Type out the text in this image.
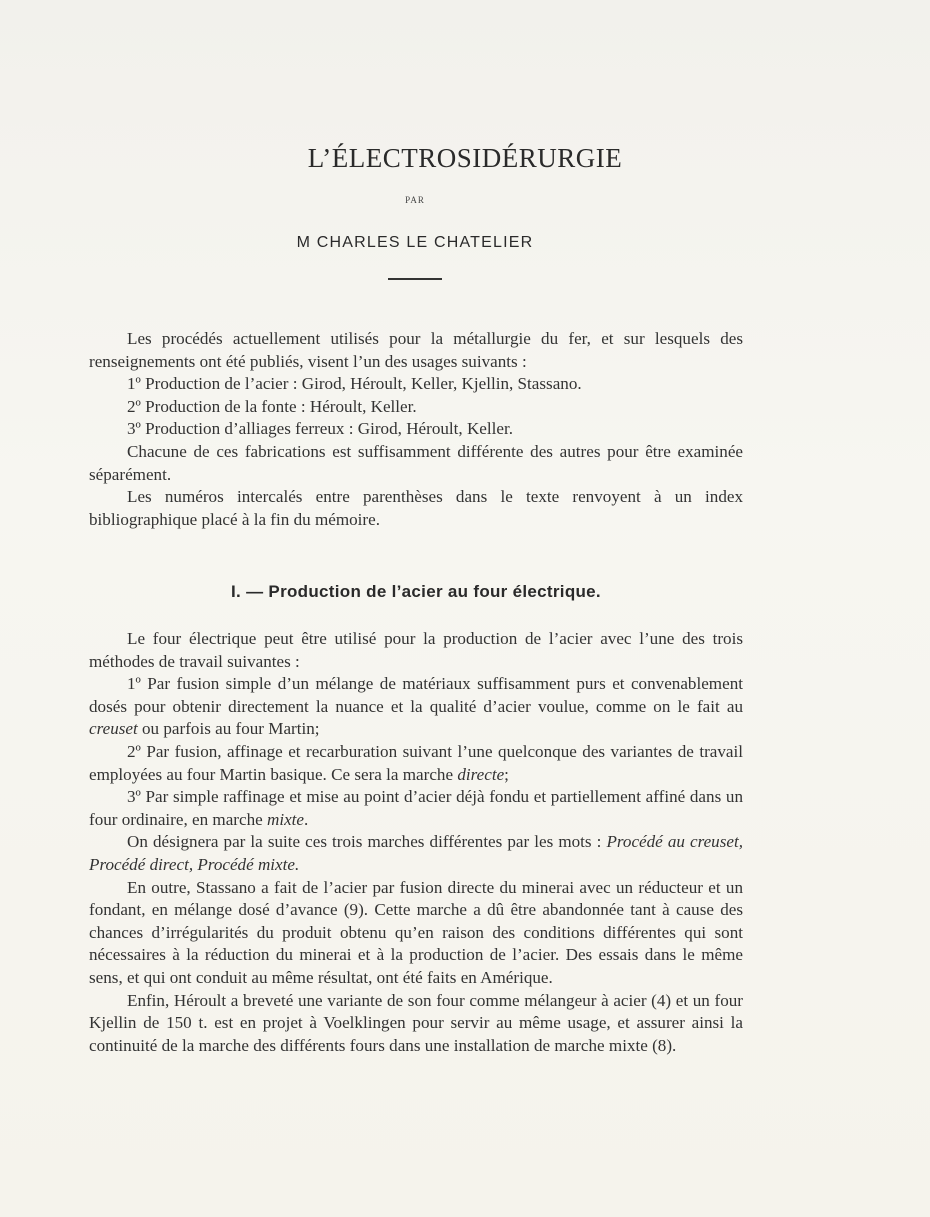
L’ÉLECTROSIDÉRURGIE
PAR
M CHARLES LE CHATELIER

Les procédés actuellement utilisés pour la métallurgie du fer, et sur lesquels des renseignements ont été publiés, visent l’un des usages suivants :

1º Production de l’acier : Girod, Héroult, Keller, Kjellin, Stassano.

2º Production de la fonte : Héroult, Keller.

3º Production d’alliages ferreux : Girod, Héroult, Keller.

Chacune de ces fabrications est suffisamment différente des autres pour être examinée séparément.

Les numéros intercalés entre parenthèses dans le texte renvoyent à un index bibliographique placé à la fin du mémoire.

I. — Production de l’acier au four électrique.

Le four électrique peut être utilisé pour la production de l’acier avec l’une des trois méthodes de travail suivantes :

1º Par fusion simple d’un mélange de matériaux suffisamment purs et convenablement dosés pour obtenir directement la nuance et la qualité d’acier voulue, comme on le fait au creuset ou parfois au four Martin;

2º Par fusion, affinage et recarburation suivant l’une quelconque des variantes de travail employées au four Martin basique. Ce sera la marche directe;

3º Par simple raffinage et mise au point d’acier déjà fondu et partiellement affiné dans un four ordinaire, en marche mixte.

On désignera par la suite ces trois marches différentes par les mots : Procédé au creuset, Procédé direct, Procédé mixte.

En outre, Stassano a fait de l’acier par fusion directe du minerai avec un réducteur et un fondant, en mélange dosé d’avance (9). Cette marche a dû être abandonnée tant à cause des chances d’irrégularités du produit obtenu qu’en raison des conditions différentes qui sont nécessaires à la réduction du minerai et à la production de l’acier. Des essais dans le même sens, et qui ont conduit au même résultat, ont été faits en Amérique.

Enfin, Héroult a breveté une variante de son four comme mélangeur à acier (4) et un four Kjellin de 150 t. est en projet à Voelklingen pour servir au même usage, et assurer ainsi la continuité de la marche des différents fours dans une installation de marche mixte (8).
